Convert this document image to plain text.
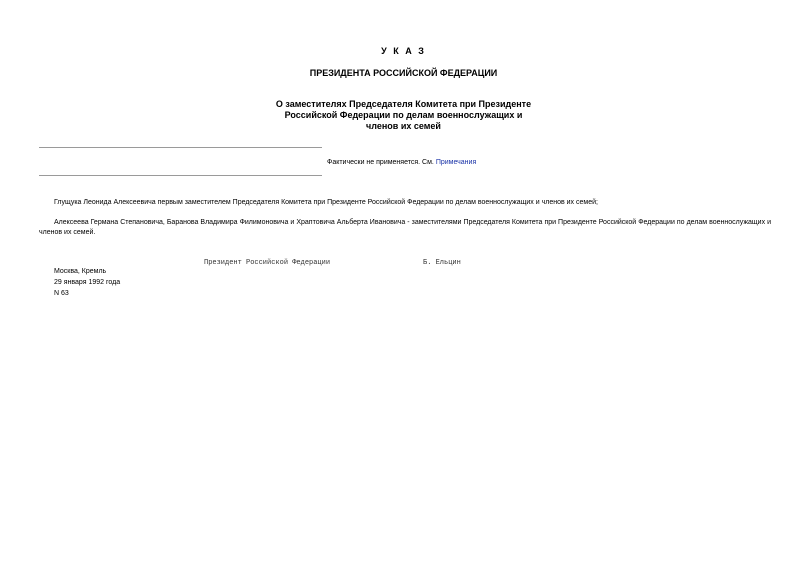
У К А З
ПРЕЗИДЕНТА РОССИЙСКОЙ ФЕДЕРАЦИИ
О заместителях Председателя Комитета при Президенте
Российской Федерации по делам военнослужащих и
членов их семей
Фактически не применяется. См. Примечания
Глущука Леонида Алексеевича первым заместителем Председателя Комитета при Президенте Российской Федерации по делам военнослужащих и членов их семей;
Алексеева Германа Степановича, Баранова Владимира Филимоновича и Храптовича Альберта Ивановича - заместителями Председателя Комитета при Президенте Российской Федерации по делам военнослужащих и членов их семей.
Президент Российской Федерации	Б. Ельцин
Москва, Кремль
29 января 1992 года
N 63
